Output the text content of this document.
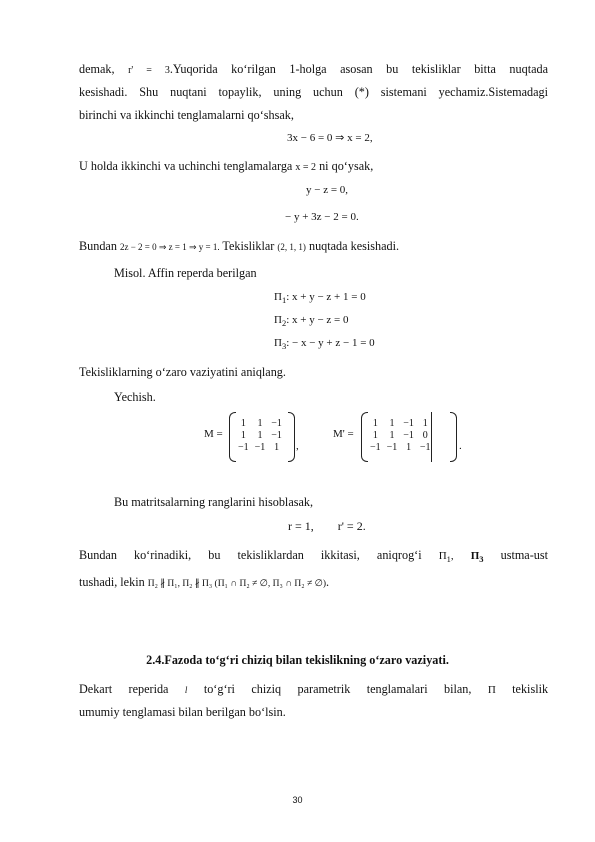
demak, r' = 3.Yuqorida ko‘rilgan 1-holga asosan bu tekisliklar bitta nuqtada
kesishadi. Shu nuqtani topaylik, uning uchun (*) sistemani yechamiz.Sistemadagi
birinchi va ikkinchi tenglamalarni qo‘shsak,
3x − 6 = 0 ⇒ x = 2,
U holda ikkinchi va uchinchi tenglamalarga x = 2 ni qo‘ysak,
y − z = 0,
− y + 3z − 2 = 0.
Bundan 2z − 2 = 0 ⇒ z = 1 ⇒ y = 1. Tekisliklar (2, 1, 1) nuqtada kesishadi.
Misol. Affin reperda berilgan
$\Pi_1$: x + y − z + 1 = 0
$\Pi_2$: x + y − z = 0
$\Pi_3$: − x − y + z − 1 = 0
Tekisliklarning o‘zaro vaziyatini aniqlang.
Yechish.
M =
1	1	−1
1	1	−1
−1	−1	1 ,
M' =
1	1	−1	1
1	1	−1	0
−1	−1	1	−1	.
Bu matritsalarning ranglarini hisoblasak,
r = 1, r' = 2.
Bundan ko‘rinadiki, bu tekisliklardan ikkitasi, aniqrog‘i $\Pi_1$, $\Pi_3$ ustma-ust
tushadi, lekin Π₂ ∦ Π₁, Π₂ ∦ Π₃ (Π₁ ∩ Π₂ ≠ ∅, Π₃ ∩ Π₂ ≠ ∅).
2.4.Fazoda to‘g‘ri chiziq bilan tekislikning o‘zaro vaziyati.
Dekart reperida l to‘g‘ri chiziq parametrik tenglamalari bilan, Π tekislik
umumiy tenglamasi bilan berilgan bo‘lsin.
30
